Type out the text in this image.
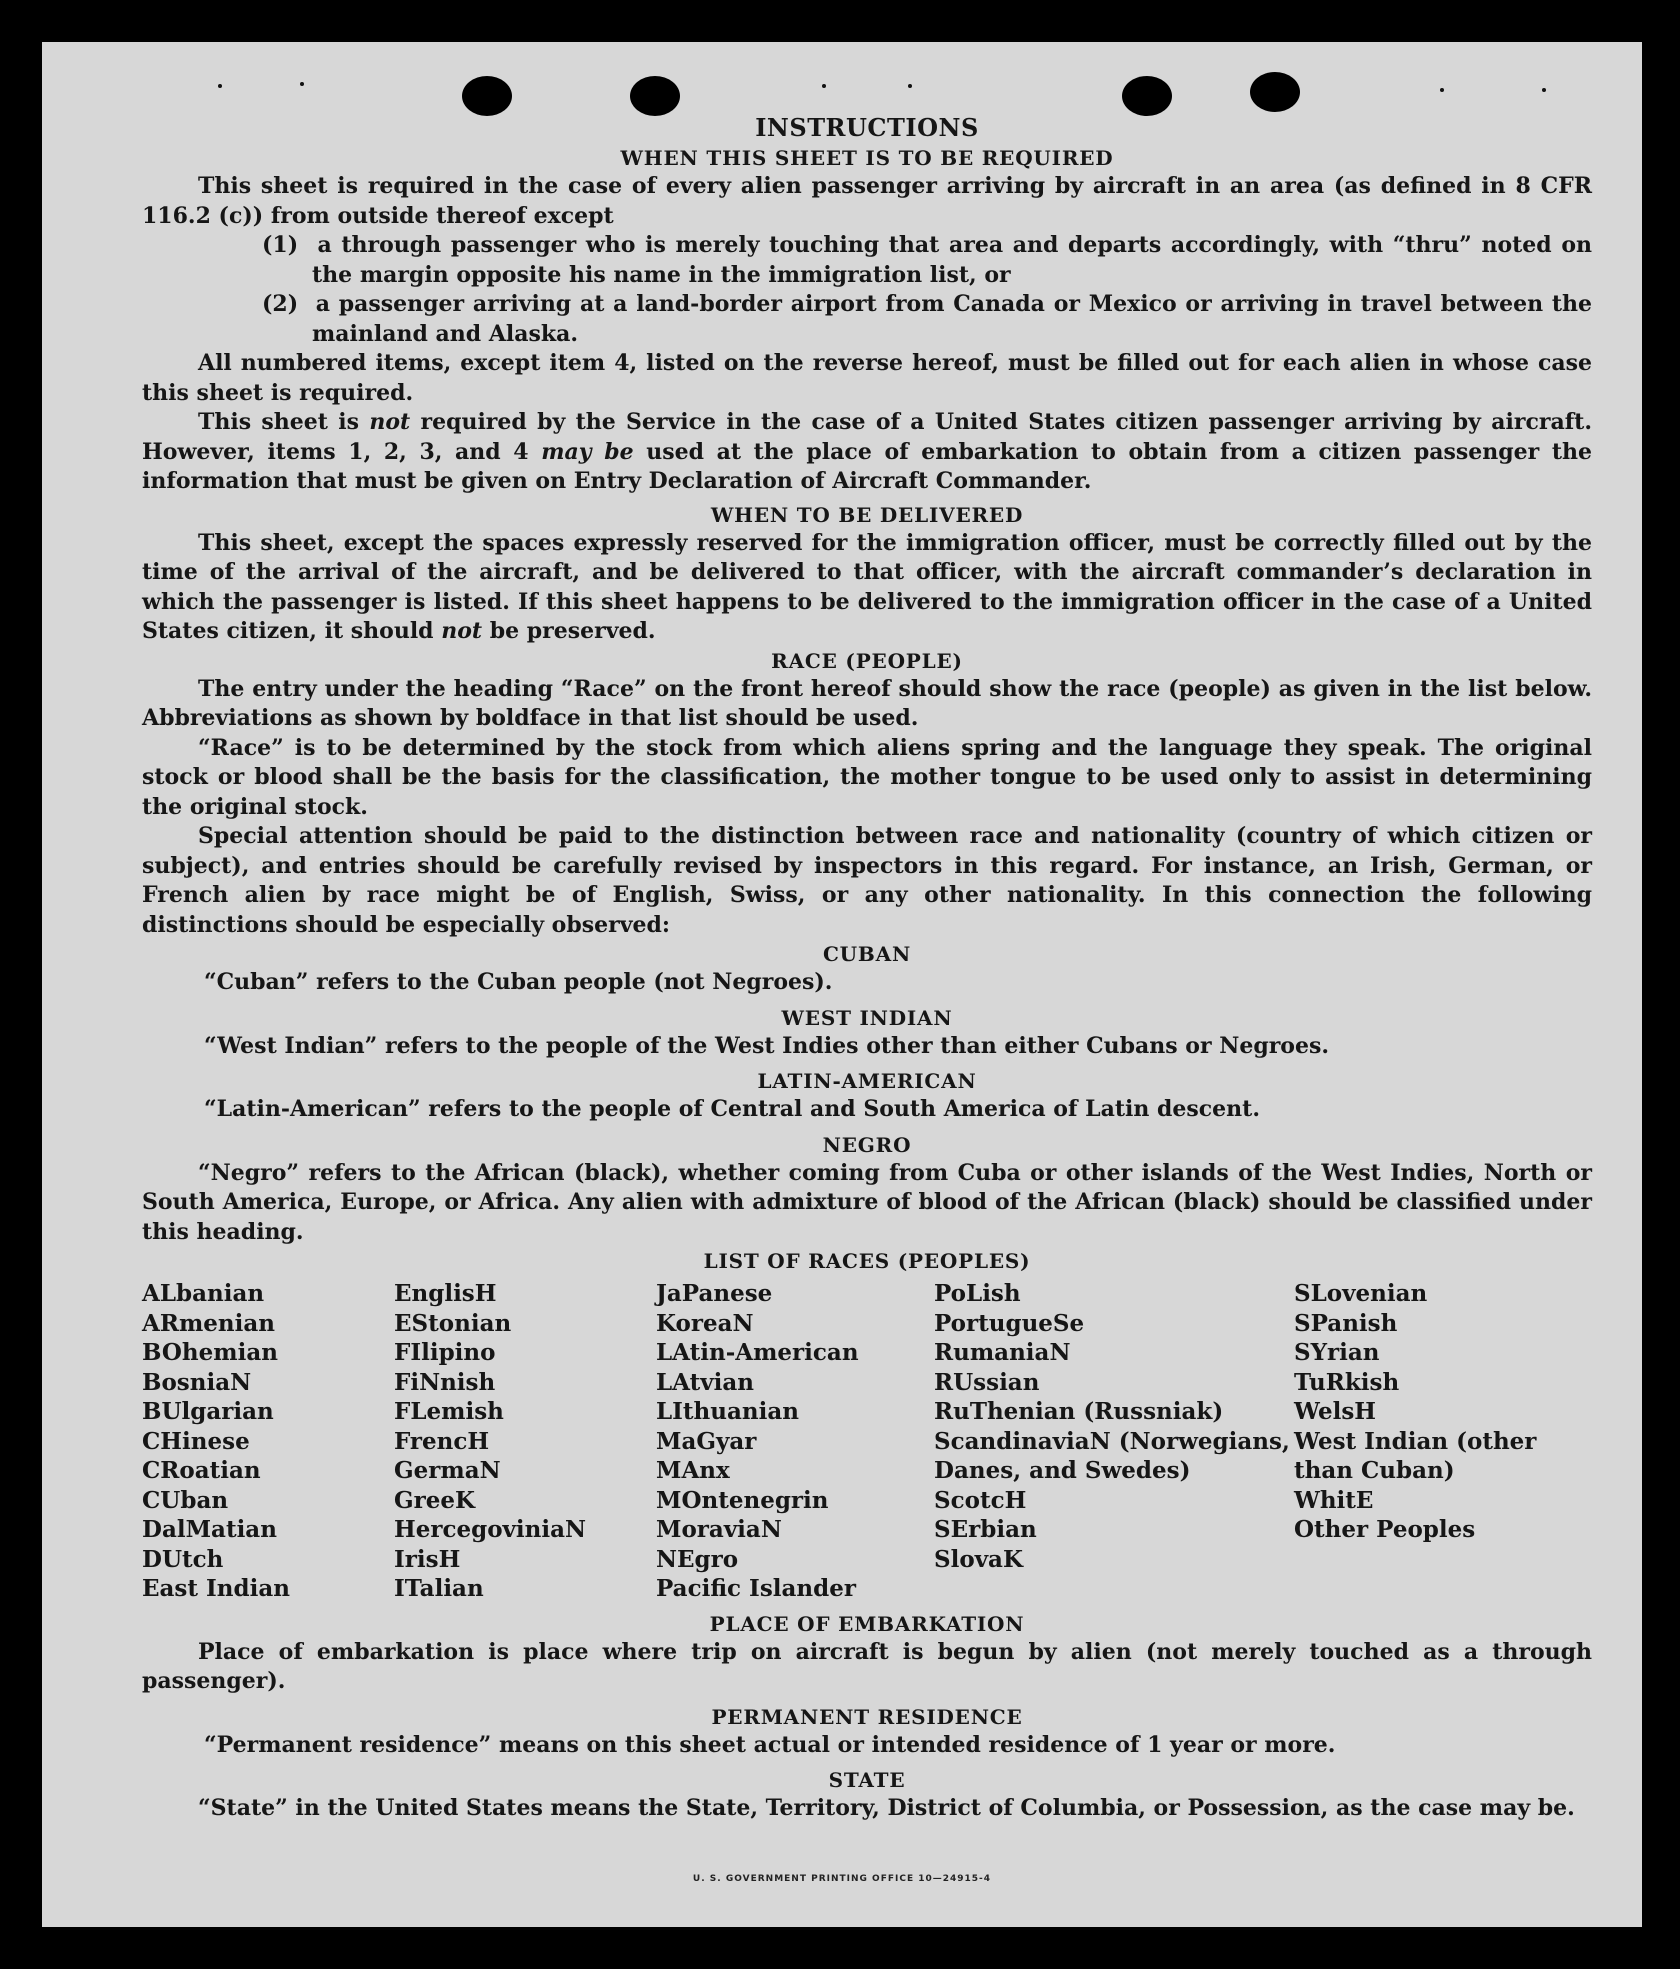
INSTRUCTIONS
WHEN THIS SHEET IS TO BE REQUIRED

This sheet is required in the case of every alien passenger arriving by aircraft in an area (as defined in 8 CFR 116.2 (c)) from outside thereof except

(1) a through passenger who is merely touching that area and departs accordingly, with “thru” noted on the margin opposite his name in the immigration list, or
(2) a passenger arriving at a land-border airport from Canada or Mexico or arriving in travel between the mainland and Alaska.

All numbered items, except item 4, listed on the reverse hereof, must be filled out for each alien in whose case this sheet is required.

This sheet is not required by the Service in the case of a United States citizen passenger arriving by aircraft. However, items 1, 2, 3, and 4 may be used at the place of embarkation to obtain from a citizen passenger the information that must be given on Entry Declaration of Aircraft Commander.

WHEN TO BE DELIVERED

This sheet, except the spaces expressly reserved for the immigration officer, must be correctly filled out by the time of the arrival of the aircraft, and be delivered to that officer, with the aircraft commander’s declaration in which the passenger is listed. If this sheet happens to be delivered to the immigration officer in the case of a United States citizen, it should not be preserved.

RACE (PEOPLE)

The entry under the heading “Race” on the front hereof should show the race (people) as given in the list below. Abbreviations as shown by boldface in that list should be used.

“Race” is to be determined by the stock from which aliens spring and the language they speak. The original stock or blood shall be the basis for the classification, the mother tongue to be used only to assist in determining the original stock.

Special attention should be paid to the distinction between race and nationality (country of which citizen or subject), and entries should be carefully revised by inspectors in this regard. For instance, an Irish, German, or French alien by race might be of English, Swiss, or any other nationality. In this connection the following distinctions should be especially observed:

CUBAN

“Cuban” refers to the Cuban people (not Negroes).

WEST INDIAN

“West Indian” refers to the people of the West Indies other than either Cubans or Negroes.

LATIN-AMERICAN

“Latin-American” refers to the people of Central and South America of Latin descent.

NEGRO

“Negro” refers to the African (black), whether coming from Cuba or other islands of the West Indies, North or South America, Europe, or Africa. Any alien with admixture of blood of the African (black) should be classified under this heading.

LIST OF RACES (PEOPLES)
ALbanian
ARmenian
BOhemian
BosniaN
BUlgarian
CHinese
CRoatian
CUban
DalMatian
DUtch
East Indian
EnglisH
EStonian
FIlipino
FiNnish
FLemish
FrencH
GermaN
GreeK
HercegoviniaN
IrisH
ITalian
JaPanese
KoreaN
LAtin-American
LAtvian
LIthuanian
MaGyar
MAnx
MOntenegrin
MoraviaN
NEgro
Pacific Islander
PoLish
PortugueSe
RumaniaN
RUssian
RuThenian (Russniak)
ScandinaviaN (Norwegians, Danes, and Swedes)
ScotcH
SErbian
SlovaK
SLovenian
SPanish
SYrian
TuRkish
WelsH
West Indian (other than Cuban)
WhitE
Other Peoples
PLACE OF EMBARKATION

Place of embarkation is place where trip on aircraft is begun by alien (not merely touched as a through passenger).

PERMANENT RESIDENCE

“Permanent residence” means on this sheet actual or intended residence of 1 year or more.

STATE

“State” in the United States means the State, Territory, District of Columbia, or Possession, as the case may be.

U. S. GOVERNMENT PRINTING OFFICE 10—24915-4
